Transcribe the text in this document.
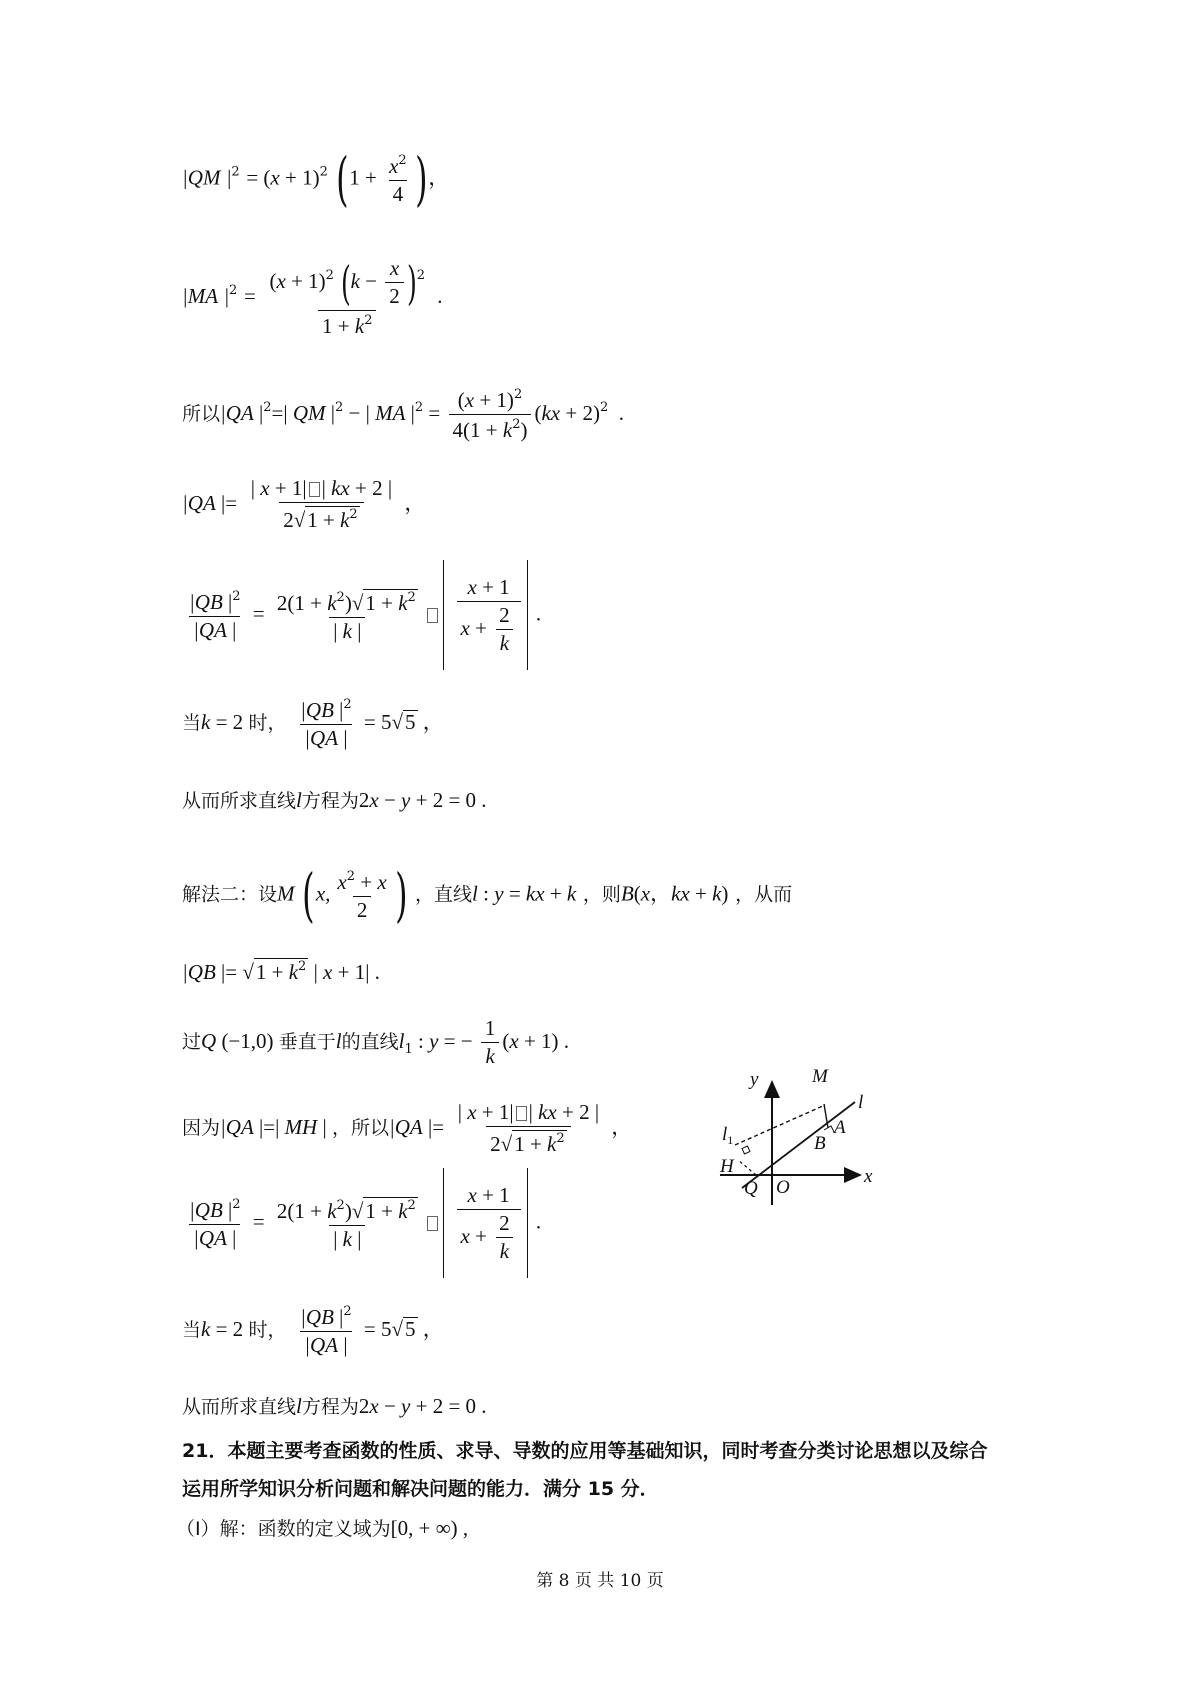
|QM $|^2 = (x + 1)^2$ ($1 + \frac{x^2}{4}$ )，
|MA $|^2 = \frac{(x + 1)^2 (k - \frac{x}{2} )^2}{1 + k^2}$ .
所以|QA $|^2=|$ QM $|^2$ − | MA $|^2 = \frac{(x + 1)^2}{4(1 + k^2)} (kx + 2)^2$  .
|QA |= $\frac{| x + 1| | kx + 2 |}{2 √ 1 + k^2}$ ，
$\frac{|QB |^2}{|QA |} = \frac{2(1 + k^2) √ 1 + k^2}{| k |}$
$\frac{x + 1}{x + \frac{2}{k}}$ .
当k = 2 时， $\frac{|QB |^2}{|QA |} = 5$ √ 5 ，
从而所求直线l方程为2x − y + 2 = 0 .
解法二：设M (x, $\frac{x^2 + x}{2}$ ) ，直线l : y = kx + k ，则B(x，kx + k) ，从而
|QB |= √ $1 + k^2$ | x + 1| .
过Q (−1,0) 垂直于l的直线$l_1$ : y = − $\frac{1}{k} (x + 1)$ .
因为|QA |=| MH | ，所以|QA |= $\frac{| x + 1| | kx + 2 |}{2 √ 1 + k^2}$ ，
$\frac{|QB |^2}{|QA |} = \frac{2(1 + k^2) √ 1 + k^2}{| k |}$
$\frac{x + 1}{x + \frac{2}{k}}$ .
当k = 2 时， $\frac{|QB |^2}{|QA |} = 5$ √ 5 ，
从而所求直线l方程为2x − y + 2 = 0 .
21．本题主要考查函数的性质、求导、导数的应用等基础知识，同时考查分类讨论思想以及综合
运用所学知识分析问题和解决问题的能力．满分 15 分．
（Ⅰ）解：函数的定义域为[0, + ∞) ,
y	M
l
$l_1$
A
B
H
Q O
x
第 8 页 共 10 页
